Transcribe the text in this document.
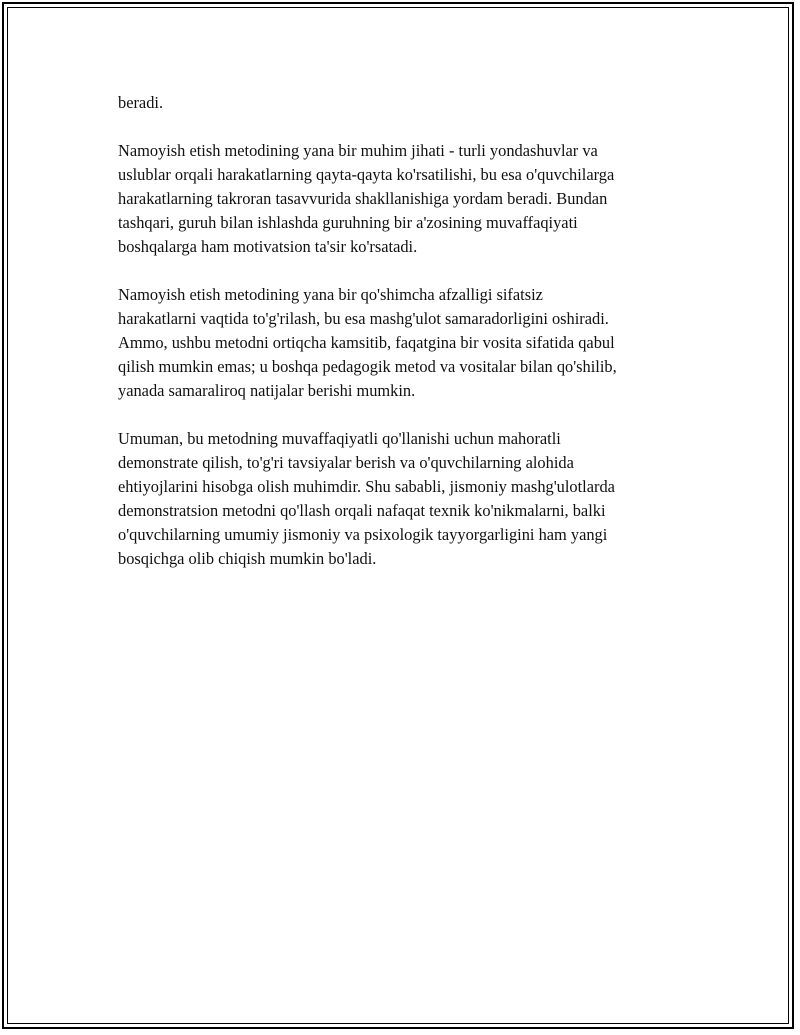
beradi.

Namoyish etish metodining yana bir muhim jihati - turli yondashuvlar va
uslublar orqali harakatlarning qayta-qayta ko'rsatilishi, bu esa o'quvchilarga
harakatlarning takroran tasavvurida shakllanishiga yordam beradi. Bundan
tashqari, guruh bilan ishlashda guruhning bir a'zosining muvaffaqiyati
boshqalarga ham motivatsion ta'sir ko'rsatadi.

Namoyish etish metodining yana bir qo'shimcha afzalligi sifatsiz
harakatlarni vaqtida to'g'rilash, bu esa mashg'ulot samaradorligini oshiradi.
Ammo, ushbu metodni ortiqcha kamsitib, faqatgina bir vosita sifatida qabul
qilish mumkin emas; u boshqa pedagogik metod va vositalar bilan qo'shilib,
yanada samaraliroq natijalar berishi mumkin.

Umuman, bu metodning muvaffaqiyatli qo'llanishi uchun mahoratli
demonstrate qilish, to'g'ri tavsiyalar berish va o'quvchilarning alohida
ehtiyojlarini hisobga olish muhimdir. Shu sababli, jismoniy mashg'ulotlarda
demonstratsion metodni qo'llash orqali nafaqat texnik ko'nikmalarni, balki
o'quvchilarning umumiy jismoniy va psixologik tayyorgarligini ham yangi
bosqichga olib chiqish mumkin bo'ladi.
